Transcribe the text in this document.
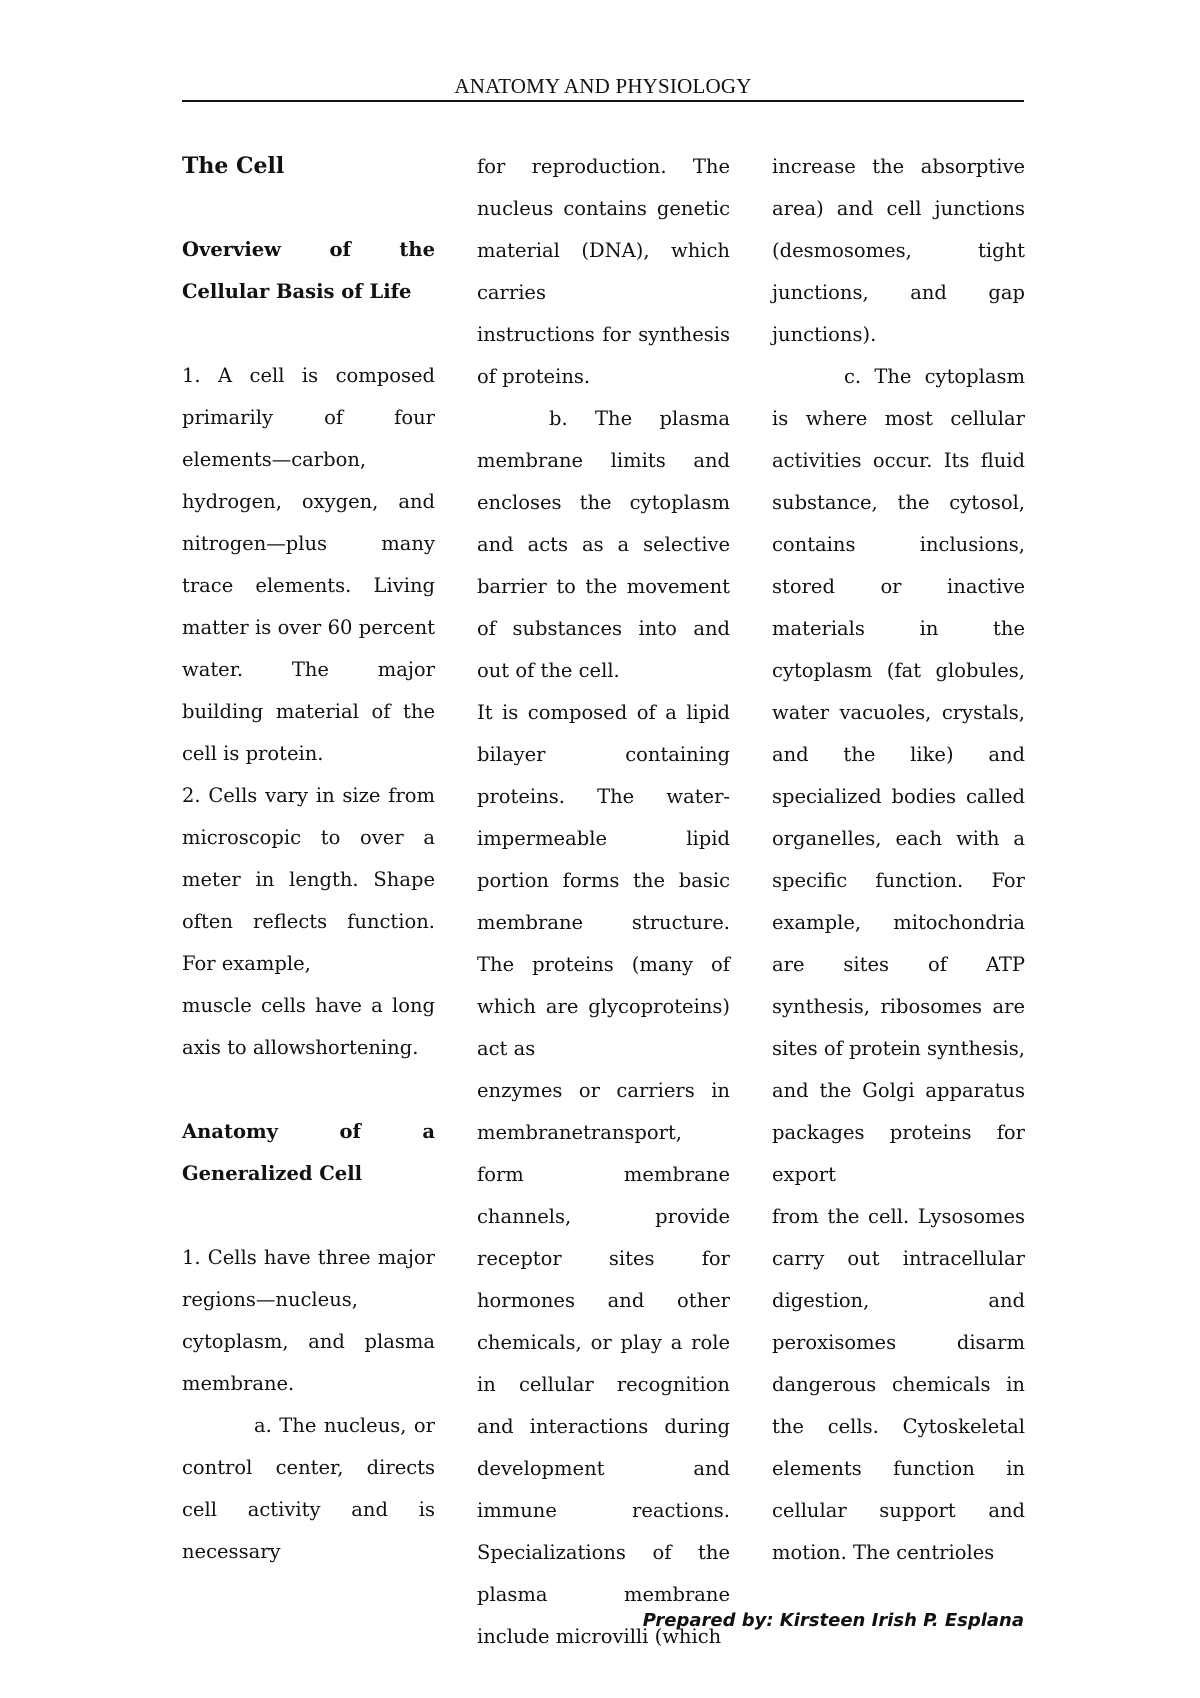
ANATOMY AND PHYSIOLOGY

The Cell

Overview of the Cellular Basis of Life

1. A cell is composed primarily of four elements—carbon, hydrogen, oxygen, and nitrogen—plus many trace elements. Living matter is over 60 percent water. The major building material of the cell is protein.

2. Cells vary in size from microscopic to over a meter in length. Shape often reflects function. For example,

muscle cells have a long axis to allowshortening.

Anatomy of a Generalized Cell

1. Cells have three major regions—nucleus, cytoplasm, and plasma membrane.

a. The nucleus, or control center, directs cell activity and is necessary

for reproduction. The nucleus contains genetic material (DNA), which carries

instructions for synthesis of proteins.

b. The plasma membrane limits and encloses the cytoplasm and acts as a selective barrier to the movement of substances into and out of the cell.

It is composed of a lipid bilayer containing proteins. The water-impermeable lipid portion forms the basic membrane structure. The proteins (many of which are glycoproteins) act as

enzymes or carriers in membranetransport, form membrane channels, provide receptor sites for hormones and other chemicals, or play a role in cellular recognition and interactions during development and immune reactions. Specializations of the plasma membrane include microvilli (which

increase the absorptive area) and cell junctions (desmosomes, tight junctions, and gap junctions).

c. The cytoplasm is where most cellular activities occur. Its fluid substance, the cytosol, contains inclusions, stored or inactive materials in the cytoplasm (fat globules, water vacuoles, crystals, and the like) and specialized bodies called organelles, each with a specific function. For example, mitochondria are sites of ATP synthesis, ribosomes are sites of protein synthesis, and the Golgi apparatus packages proteins for export

from the cell. Lysosomes carry out intracellular digestion, and peroxisomes disarm dangerous chemicals in the cells. Cytoskeletal elements function in cellular support and motion. The centrioles

Prepared by: Kirsteen Irish P. Esplana
